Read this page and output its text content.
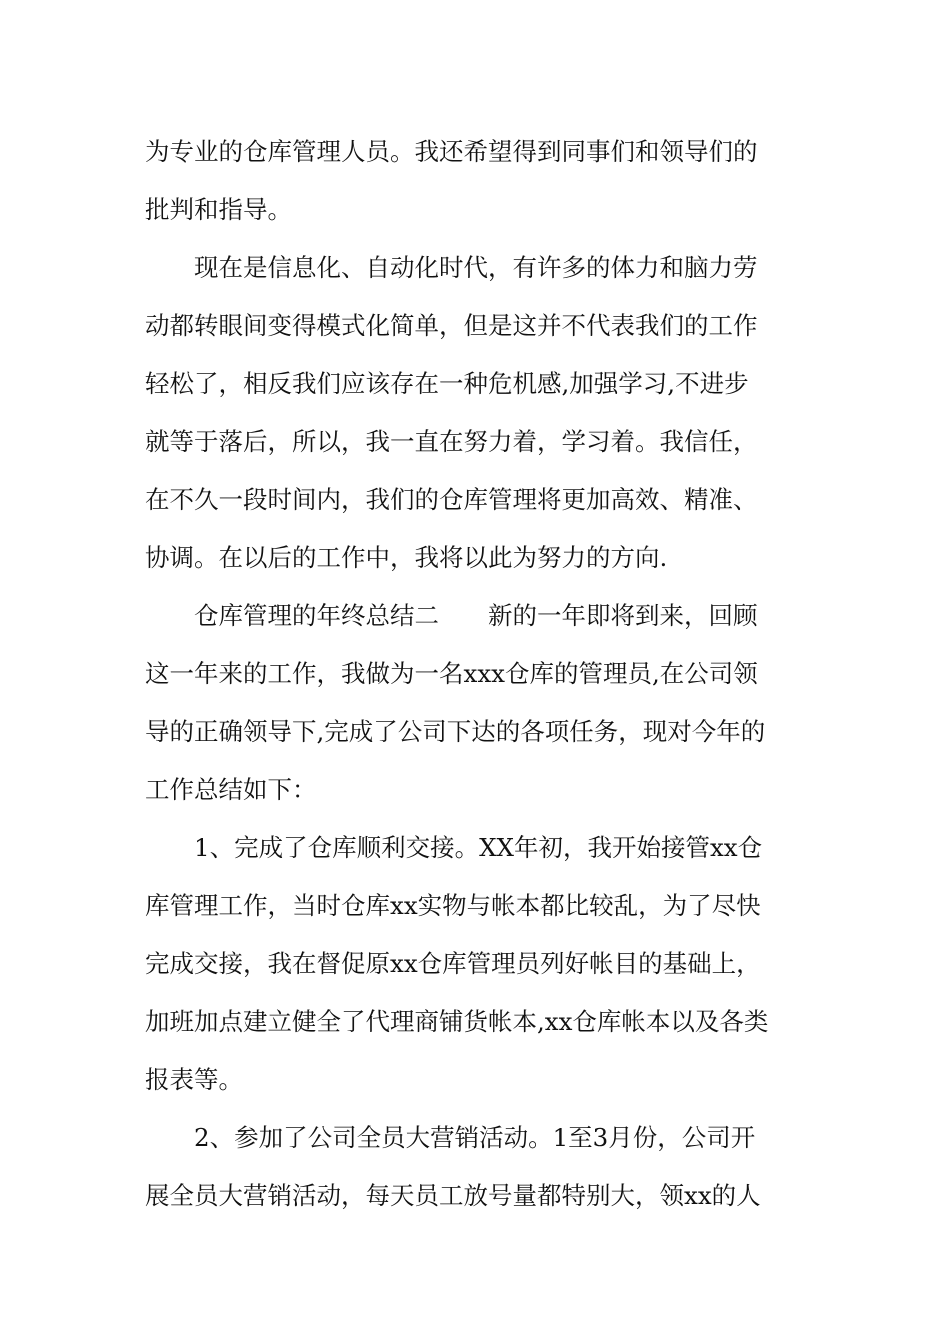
为专业的仓库管理人员。我还希望得到同事们和领导们的
批判和指导。
现在是信息化、自动化时代，有许多的体力和脑力劳
动都转眼间变得模式化简单，但是这并不代表我们的工作
轻松了，相反我们应该存在一种危机感,加强学习,不进步
就等于落后，所以，我一直在努力着，学习着。我信任，
在不久一段时间内，我们的仓库管理将更加高效、精准、
协调。在以后的工作中，我将以此为努力的方向.
仓库管理的年终总结二　　新的一年即将到来，回顾
这一年来的工作，我做为一名xxx仓库的管理员,在公司领
导的正确领导下,完成了公司下达的各项任务，现对今年的
工作总结如下：
1、完成了仓库顺利交接。XX年初，我开始接管xx仓
库管理工作，当时仓库xx实物与帐本都比较乱，为了尽快
完成交接，我在督促原xx仓库管理员列好帐目的基础上，
加班加点建立健全了代理商铺货帐本,xx仓库帐本以及各类
报表等。
2、参加了公司全员大营销活动。1至3月份，公司开
展全员大营销活动，每天员工放号量都特别大，领xx的人
